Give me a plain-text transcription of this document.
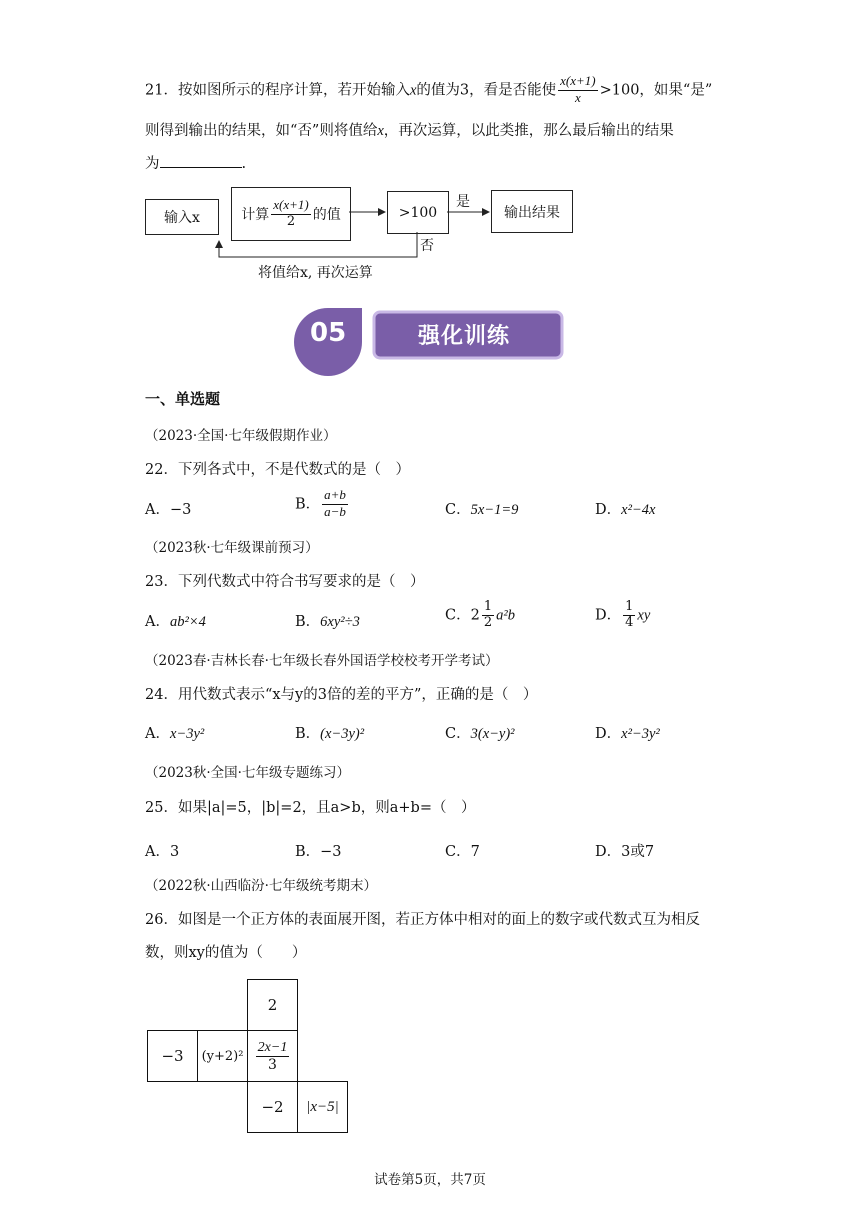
21．按如图所示的程序计算，若开始输入x的值为3，看是否能使 $\frac{x(x+1)}{x} >100$，如果“是”
则得到输出的结果，如“否”则将值给x，再次运算，以此类推，那么最后输出的结果
为	.
输入x	计算 $\frac{x(x+1)}{2}$ 的值	>100	输出结果
是
否
将值给x, 再次运算
05	强化训练
一、单选题
（2023·全国·七年级假期作业）
22．下列各式中，不是代数式的是（　）
A．−3	B． $\frac{a+b}{a-b}$	C．5x−1=9	D．x²−4x
（2023秋·七年级课前预习）
23．下列代数式中符合书写要求的是（　）
A．ab²×4	B．6xy²÷3	C．$2 \frac{1}{2} a^2b$	D． $\frac{1}{4}$ xy
（2023春·吉林长春·七年级长春外国语学校校考开学考试）
24．用代数式表示“x与y的3倍的差的平方”，正确的是（　）
A．x−3y²	B．(x−3y)²	C．3(x−y)²	D．x²−3y²
（2023秋·全国·七年级专题练习）
25．如果|a|=5，|b|=2，且a>b，则a+b=（　）
A．3	B．−3	C．7	D．3或7
（2022秋·山西临汾·七年级统考期末）
26．如图是一个正方体的表面展开图，若正方体中相对的面上的数字或代数式互为相反
数，则xy的值为（　　）
2
−3	$(y+2)^2 \frac{2x-1}{3}$
−2	|x−5|
试卷第5页，共7页
